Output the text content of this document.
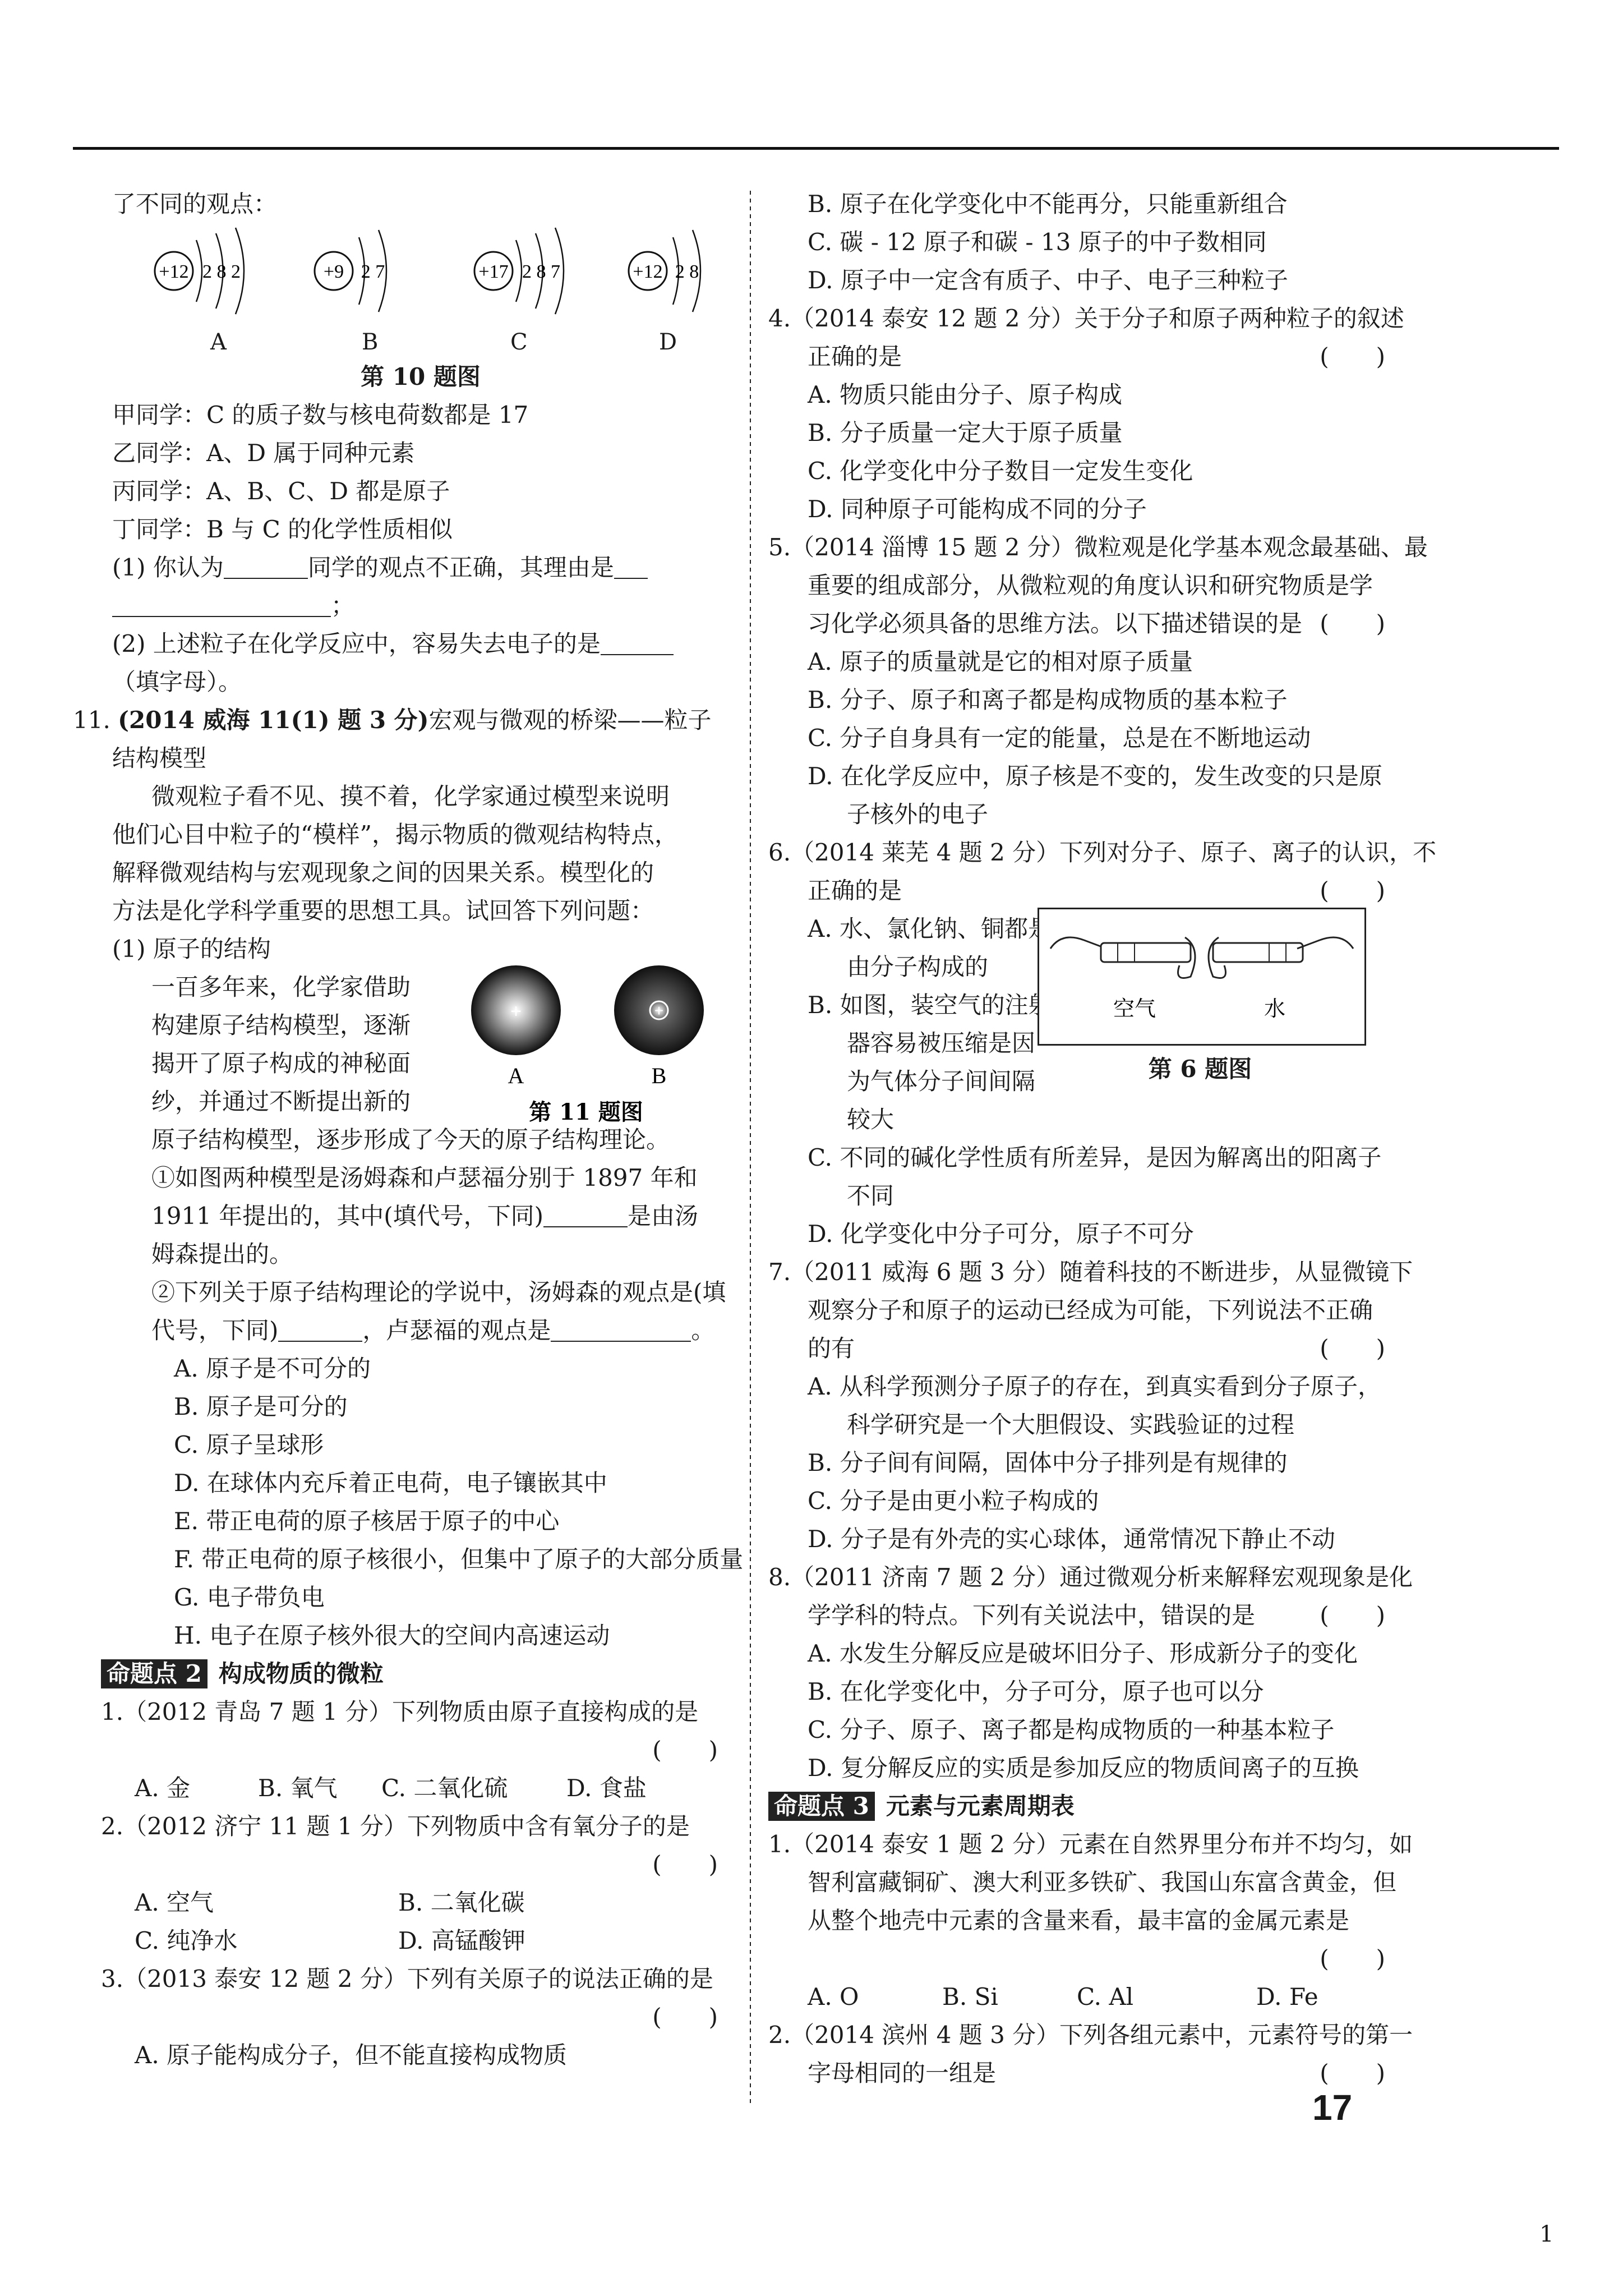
了不同的观点：
+12 2 8 2	+9 2 7	+17 2 8 7	+12 2 8
A	B	C	D
第 10 题图
甲同学：C 的质子数与核电荷数都是 17
乙同学：A、D 属于同种元素
丙同学：A、B、C、D 都是原子
丁同学：B 与 C 的化学性质相似
(1) 你认为	同学的观点不正确，其理由是
；
(2) 上述粒子在化学反应中，容易失去电子的是
（填字母）。
11. (2014 威海 11(1) 题 3 分)宏观与微观的桥梁——粒子
结构模型
微观粒子看不见、摸不着，化学家通过模型来说明
他们心目中粒子的“模样”，揭示物质的微观结构特点，
解释微观结构与宏观现象之间的因果关系。模型化的
方法是化学科学重要的思想工具。试回答下列问题：
(1) 原子的结构
一百多年来，化学家借助
构建原子结构模型，逐渐
揭开了原子构成的神秘面
纱，并通过不断提出新的
+	+
A	B
第 11 题图
原子结构模型，逐步形成了今天的原子结构理论。
①如图两种模型是汤姆森和卢瑟福分别于 1897 年和
1911 年提出的，其中(填代号，下同)	是由汤
姆森提出的。
②下列关于原子结构理论的学说中，汤姆森的观点是(填
代号，下同)	，卢瑟福的观点是	。
A. 原子是不可分的
B. 原子是可分的
C. 原子呈球形
D. 在球体内充斥着正电荷，电子镶嵌其中
E. 带正电荷的原子核居于原子的中心
F. 带正电荷的原子核很小，但集中了原子的大部分质量
G. 电子带负电
H. 电子在原子核外很大的空间内高速运动
命题点 2 构成物质的微粒
1.（2012 青岛 7 题 1 分）下列物质由原子直接构成的是
(　　)
A. 金	B. 氧气 C. 二氧化硫 D. 食盐
2.（2012 济宁 11 题 1 分）下列物质中含有氧分子的是
(　　)
A. 空气	B. 二氧化碳
C. 纯净水	D. 高锰酸钾
3.（2013 泰安 12 题 2 分）下列有关原子的说法正确的是
(　　)
A. 原子能构成分子，但不能直接构成物质
B. 原子在化学变化中不能再分，只能重新组合
C. 碳 - 12 原子和碳 - 13 原子的中子数相同
D. 原子中一定含有质子、中子、电子三种粒子
4.（2014 泰安 12 题 2 分）关于分子和原子两种粒子的叙述
正确的是	(　　)
A. 物质只能由分子、原子构成
B. 分子质量一定大于原子质量
C. 化学变化中分子数目一定发生变化
D. 同种原子可能构成不同的分子
5.（2014 淄博 15 题 2 分）微粒观是化学基本观念最基础、最
重要的组成部分，从微粒观的角度认识和研究物质是学
习化学必须具备的思维方法。以下描述错误的是 (　　)
A. 原子的质量就是它的相对原子质量
B. 分子、原子和离子都是构成物质的基本粒子
C. 分子自身具有一定的能量，总是在不断地运动
D. 在化学反应中，原子核是不变的，发生改变的只是原
子核外的电子
6.（2014 莱芜 4 题 2 分）下列对分子、原子、离子的认识，不
正确的是	(　　)
A. 水、氯化钠、铜都是
由分子构成的
B. 如图，装空气的注射
器容易被压缩是因
为气体分子间间隔
较大
空气	水
第 6 题图
C. 不同的碱化学性质有所差异，是因为解离出的阳离子
不同
D. 化学变化中分子可分，原子不可分
7.（2011 威海 6 题 3 分）随着科技的不断进步，从显微镜下
观察分子和原子的运动已经成为可能，下列说法不正确
的有	(　　)
A. 从科学预测分子原子的存在，到真实看到分子原子，
科学研究是一个大胆假设、实践验证的过程
B. 分子间有间隔，固体中分子排列是有规律的
C. 分子是由更小粒子构成的
D. 分子是有外壳的实心球体，通常情况下静止不动
8.（2011 济南 7 题 2 分）通过微观分析来解释宏观现象是化
学学科的特点。下列有关说法中，错误的是	(　　)
A. 水发生分解反应是破坏旧分子、形成新分子的变化
B. 在化学变化中，分子可分，原子也可以分
C. 分子、原子、离子都是构成物质的一种基本粒子
D. 复分解反应的实质是参加反应的物质间离子的互换
命题点 3 元素与元素周期表
1.（2014 泰安 1 题 2 分）元素在自然界里分布并不均匀，如
智利富藏铜矿、澳大利亚多铁矿、我国山东富含黄金，但
从整个地壳中元素的含量来看，最丰富的金属元素是
(　　)
A. O	B. Si	C. Al	D. Fe
2.（2014 滨州 4 题 3 分）下列各组元素中，元素符号的第一
字母相同的一组是	(　　)
17
1
